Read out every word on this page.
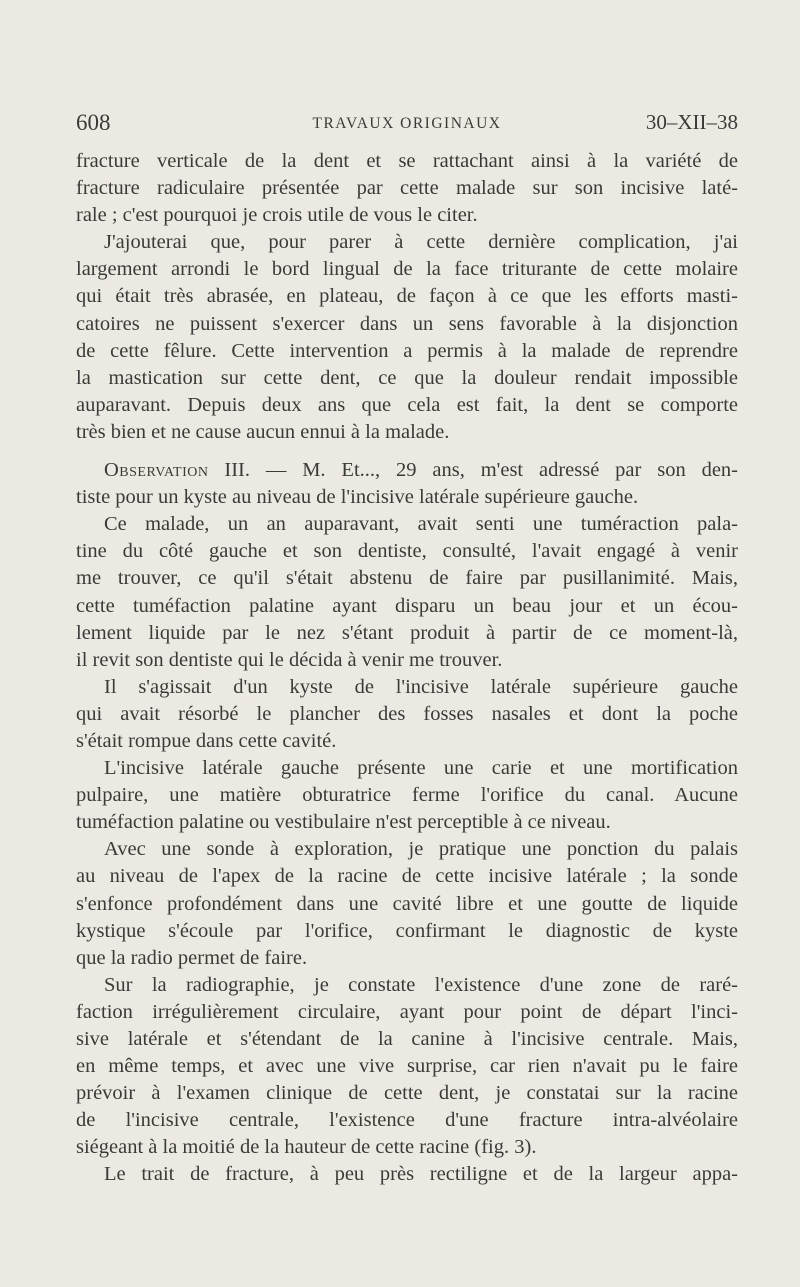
608	TRAVAUX ORIGINAUX	30–XII–38
fracture verticale de la dent et se rattachant ainsi à la variété de
fracture radiculaire présentée par cette malade sur son incisive laté-
rale ; c'est pourquoi je crois utile de vous le citer.
J'ajouterai que, pour parer à cette dernière complication, j'ai
largement arrondi le bord lingual de la face triturante de cette molaire
qui était très abrasée, en plateau, de façon à ce que les efforts masti-
catoires ne puissent s'exercer dans un sens favorable à la disjonction
de cette fêlure. Cette intervention a permis à la malade de reprendre
la mastication sur cette dent, ce que la douleur rendait impossible
auparavant. Depuis deux ans que cela est fait, la dent se comporte
très bien et ne cause aucun ennui à la malade.
Observation III. — M. Et..., 29 ans, m'est adressé par son den-
tiste pour un kyste au niveau de l'incisive latérale supérieure gauche.
Ce malade, un an auparavant, avait senti une tuméraction pala-
tine du côté gauche et son dentiste, consulté, l'avait engagé à venir
me trouver, ce qu'il s'était abstenu de faire par pusillanimité. Mais,
cette tuméfaction palatine ayant disparu un beau jour et un écou-
lement liquide par le nez s'étant produit à partir de ce moment-là,
il revit son dentiste qui le décida à venir me trouver.
Il s'agissait d'un kyste de l'incisive latérale supérieure gauche
qui avait résorbé le plancher des fosses nasales et dont la poche
s'était rompue dans cette cavité.
L'incisive latérale gauche présente une carie et une mortification
pulpaire, une matière obturatrice ferme l'orifice du canal. Aucune
tuméfaction palatine ou vestibulaire n'est perceptible à ce niveau.
Avec une sonde à exploration, je pratique une ponction du palais
au niveau de l'apex de la racine de cette incisive latérale ; la sonde
s'enfonce profondément dans une cavité libre et une goutte de liquide
kystique s'écoule par l'orifice, confirmant le diagnostic de kyste
que la radio permet de faire.
Sur la radiographie, je constate l'existence d'une zone de raré-
faction irrégulièrement circulaire, ayant pour point de départ l'inci-
sive latérale et s'étendant de la canine à l'incisive centrale. Mais,
en même temps, et avec une vive surprise, car rien n'avait pu le faire
prévoir à l'examen clinique de cette dent, je constatai sur la racine
de l'incisive centrale, l'existence d'une fracture intra-alvéolaire
siégeant à la moitié de la hauteur de cette racine (fig. 3).
Le trait de fracture, à peu près rectiligne et de la largeur appa-
